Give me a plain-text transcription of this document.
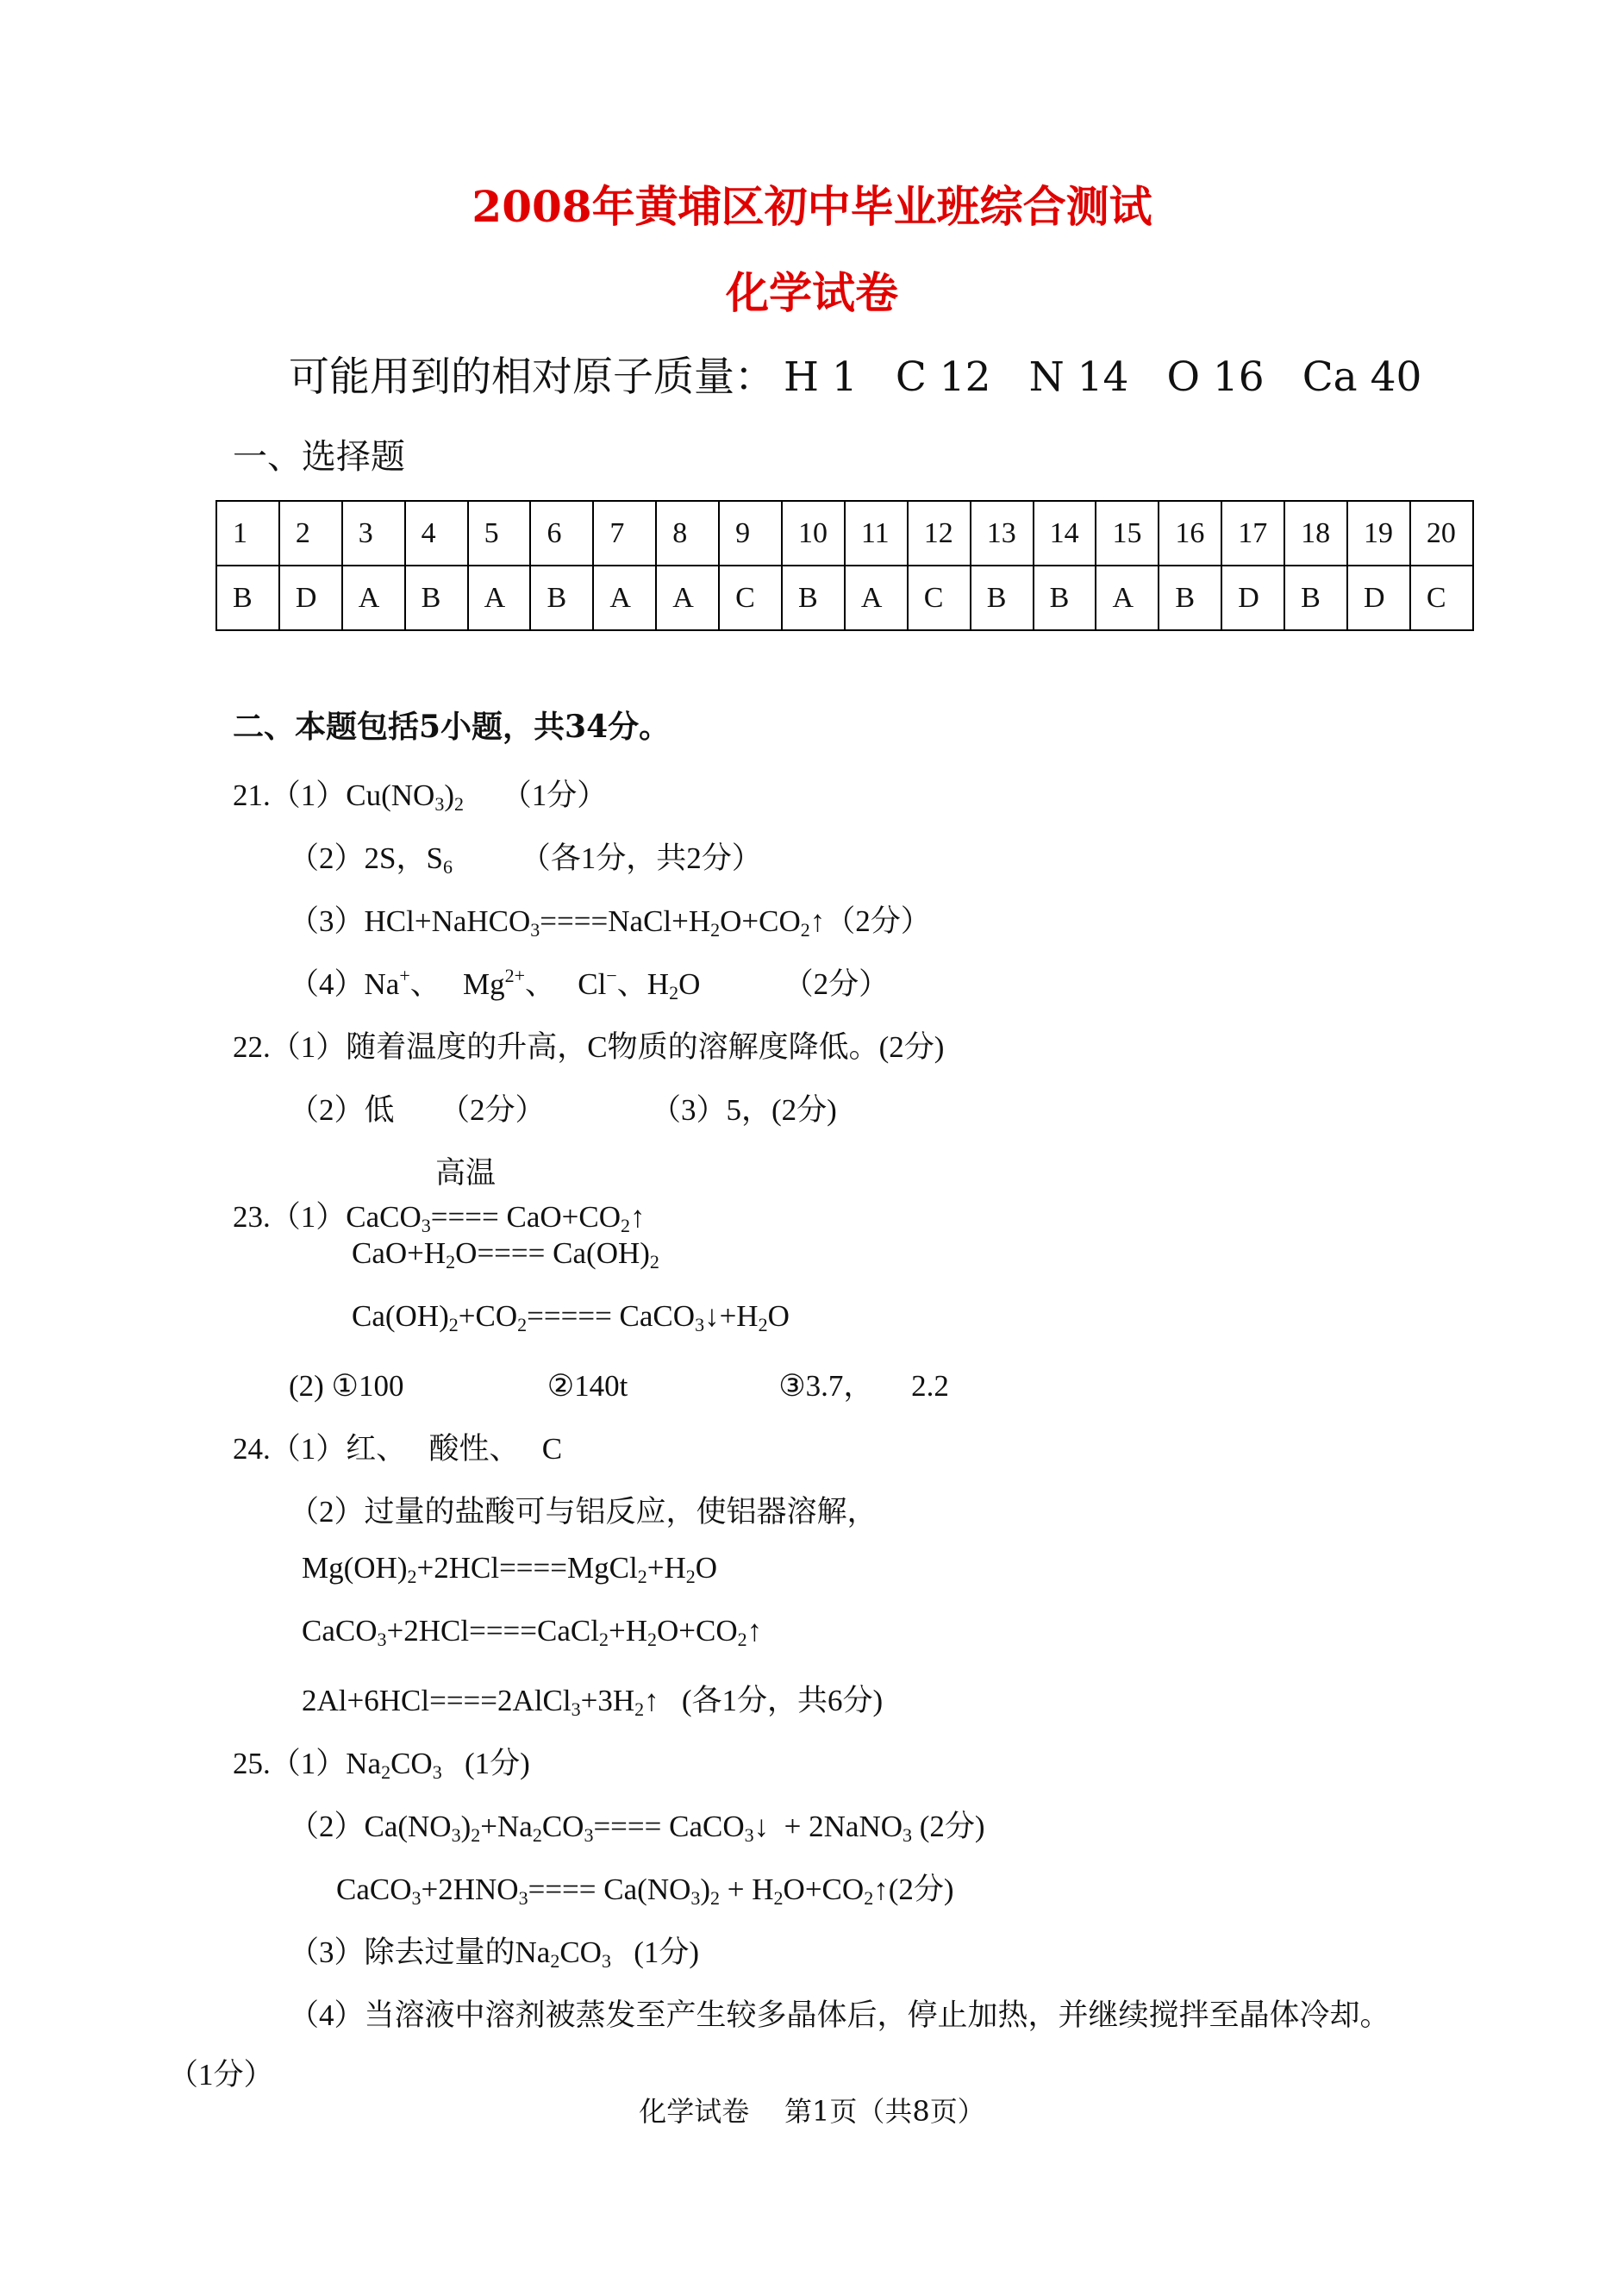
2008年黄埔区初中毕业班综合测试
化学试卷
可能用到的相对原子质量： H 1 C 12 N 14 O 16 Ca 40
一、选择题
1	2	3	4	5	6	7	8	9	10	11	12	13	14	15	16	17	18	19	20
B	D	A	B	A	B	A	A	C	B	A	C	B	B	A	B	D	B	D	C
二、本题包括5小题，共34分。
$21.(1)Cu(NO_3)_2$     （1分）
（2）2S，$S_6$         （各1分，共2分）
$(3)HCl+NaHCO_3====NaCl+H_2O+CO_2↑(2$分）
（4）Na+、   $Mg^{2+}$、   Cl−、$H_2O$           （2分）
22.（1）随着温度的升高，C物质的溶解度降低。(2分)
（2）低      （2分）              （3）5，(2分)
高温
23.（1）CaCO$_3$==== $CaO+CO_2↑$
$CaO+H_2O==== Ca(OH)_2$
$Ca(OH)_2+CO_2=====$ $CaCO_3↓+H_2O$
(2) ①100                   ②140t                    ③3.7，     2.2
24.（1）红、   酸性、   C
（2）过量的盐酸可与铝反应，使铝器溶解，
$Mg(OH)_2+2HCl====MgCl_2+H_2O$
$CaCO_3+2HCl====CaCl_2+H_2O+CO_2↑$
$2Al+6HCl====2AlCl_3+3H_2↑$   (各1分，共6分)
$25.(1)Na_2CO_3$   (1分)
$(2)Ca(NO_3)_2+Na_2CO_3====$ CaCO$_3$↓  + 2NaNO$_3$ (2分)
$CaCO_3+2HNO_3==== Ca(NO_3)_2$ + $H_2O+CO_2↑(2$分)
（3）除去过量的$Na_2CO_3$   (1分)
（4）当溶液中溶剂被蒸发至产生较多晶体后，停止加热，并继续搅拌至晶体冷却。
（1分）
化学试卷    第1页（共8页）
